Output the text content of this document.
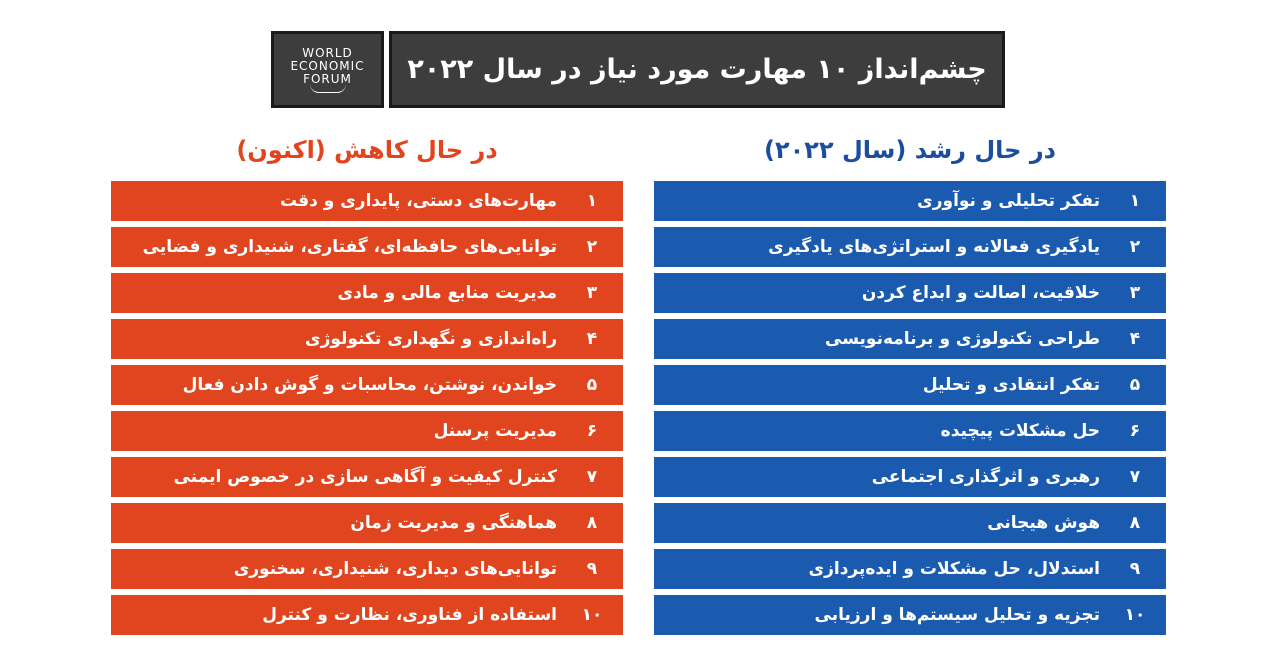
WORLD
ECONOMIC
FORUM	چشم‌انداز ۱۰ مهارت مورد نیاز در سال ۲۰۲۲
در حال رشد (سال ۲۰۲۲)
در حال کاهش (اکنون)
۱
تفکر تحلیلی و نوآوری
۲
یادگیری فعالانه و استراتژی‌های یادگیری
۳
خلاقیت، اصالت و ابداع کردن
۴
طراحی تکنولوژی و برنامه‌نویسی
۵
تفکر انتقادی و تحلیل
۶
حل مشکلات پیچیده
۷
رهبری و اثرگذاری اجتماعی
۸
هوش هیجانی
۹
استدلال، حل مشکلات و ایده‌پردازی
۱۰
تجزیه و تحلیل سیستم‌ها و ارزیابی
۱
مهارت‌های دستی، پایداری و دقت
۲
توانایی‌های حافظه‌ای، گفتاری، شنیداری و فضایی
۳
مدیریت منابع مالی و مادی
۴
راه‌اندازی و نگهداری تکنولوژی
۵
خواندن، نوشتن، محاسبات و گوش دادن فعال
۶
مدیریت پرسنل
۷
کنترل کیفیت و آگاهی سازی در خصوص ایمنی
۸
هماهنگی و مدیریت زمان
۹
توانایی‌های دیداری، شنیداری، سخنوری
۱۰
استفاده از فناوری، نظارت و کنترل
